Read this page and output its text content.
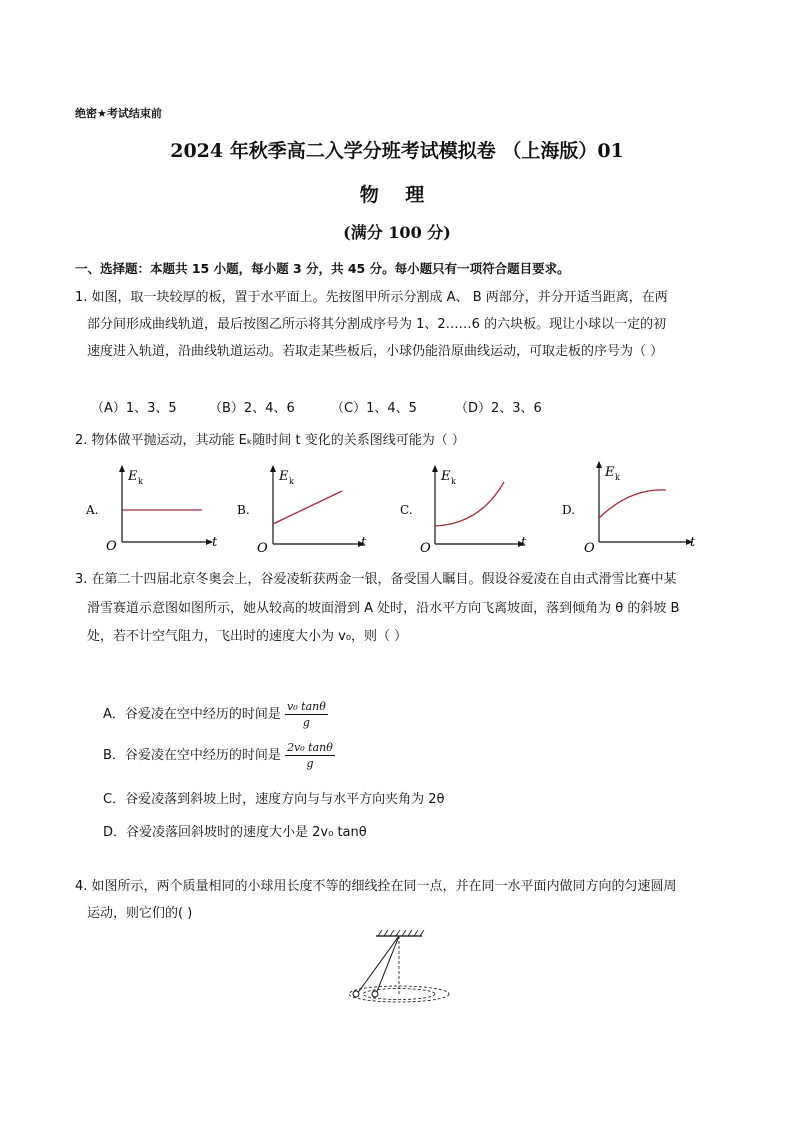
绝密★考试结束前
2024 年秋季高二入学分班考试模拟卷 （上海版）01
物 理
(满分 100 分)
一、选择题：本题共 15 小题，每小题 3 分，共 45 分。每小题只有一项符合题目要求。
1. 如图，取一块较厚的板，置于水平面上。先按图甲所示分割成 A、 B 两部分，并分开适当距离，在两
部分间形成曲线轨道，最后按图乙所示将其分割成序号为 1、2……6 的六块板。现让小球以一定的初
速度进入轨道，沿曲线轨道运动。若取走某些板后，小球仍能沿原曲线运动，可取走板的序号为（ ）
（A）1、3、5 （B）2、4、6	（C）1、4、5	（D）2、3、6
2. 物体做平抛运动，其动能 Eₖ随时间 t 变化的关系图线可能为（ ）
A.
E k
O	t
B.
E k
O	t
C.
E k
O	t
D.
E k
O	t
3. 在第二十四届北京冬奥会上，谷爱凌斩获两金一银，备受国人瞩目。假设谷爱凌在自由式滑雪比赛中某
滑雪赛道示意图如图所示，她从较高的坡面滑到 A 处时，沿水平方向飞离坡面，落到倾角为 θ 的斜坡 B
处，若不计空气阻力，飞出时的速度大小为 v₀，则（ ）
A．谷爱凌在空中经历的时间是 $\frac{\text{v₀ tanθ}}{g}$
B．谷爱凌在空中经历的时间是 $\frac{\text{2v₀ tanθ}}{g}$
C．谷爱凌落到斜坡上时，速度方向与与水平方向夹角为 2θ
D．谷爱凌落回斜坡时的速度大小是 2v₀ tanθ
4. 如图所示，两个质量相同的小球用长度不等的细线拴在同一点，并在同一水平面内做同方向的匀速圆周
运动，则它们的( )
